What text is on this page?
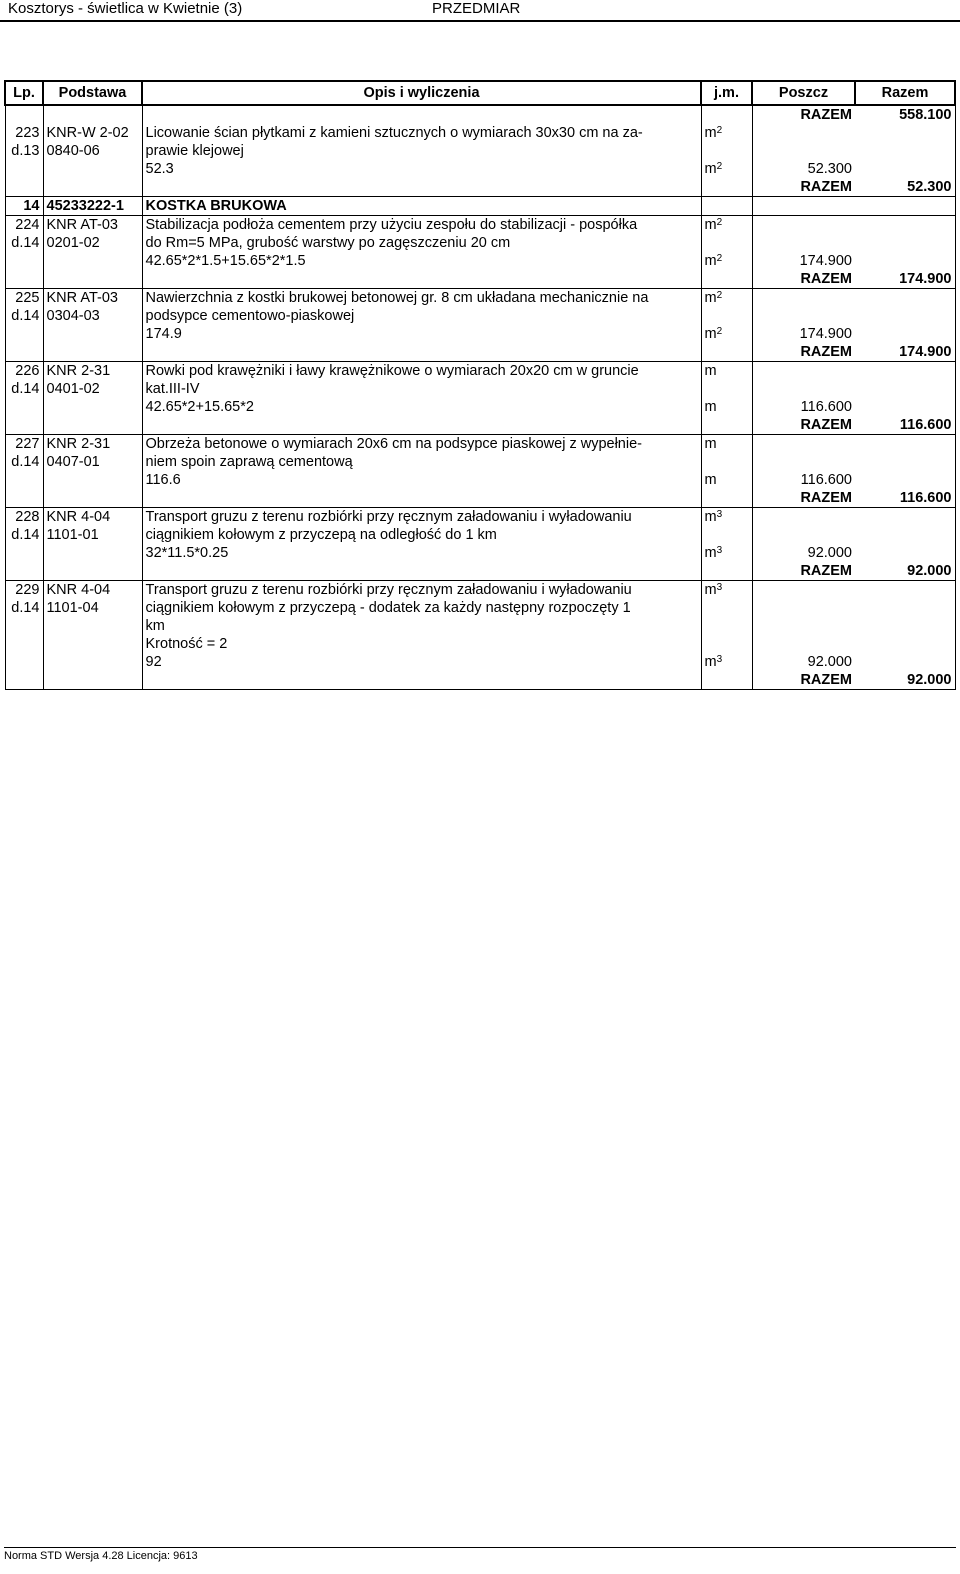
Kosztorys - świetlica w Kwietnie (3)	PRZEDMIAR
Lp.	Podstawa	Opis i wyliczenia	j.m.	Poszcz	Razem
				RAZEM	558.100
223	KNR-W 2-02	Licowanie ścian płytkami z kamieni sztucznych o wymiarach 30x30 cm na za-	$m^2$		
d.13	0840-06	prawie klejowej			
		52.3	$m^2$	52.300	
				RAZEM	52.300
14	45233222-1	KOSTKA BRUKOWA			
224	KNR AT-03	Stabilizacja podłoża cementem przy użyciu zespołu do stabilizacji - pospółka	$m^2$		
d.14	0201-02	do Rm=5 MPa, grubość warstwy po zagęszczeniu 20 cm			
		42.65*2*1.5+15.65*2*1.5	$m^2$	174.900	
				RAZEM	174.900
225	KNR AT-03	Nawierzchnia z kostki brukowej betonowej gr. 8 cm układana mechanicznie na	$m^2$		
d.14	0304-03	podsypce cementowo-piaskowej			
		174.9	$m^2$	174.900	
				RAZEM	174.900
226	KNR 2-31	Rowki pod krawężniki i ławy krawężnikowe o wymiarach 20x20 cm w gruncie	m		
d.14	0401-02	kat.III-IV			
		42.65*2+15.65*2	m	116.600	
				RAZEM	116.600
227	KNR 2-31	Obrzeża betonowe o wymiarach 20x6 cm na podsypce piaskowej z wypełnie-	m		
d.14	0407-01	niem spoin zaprawą cementową			
		116.6	m	116.600	
				RAZEM	116.600
228	KNR 4-04	Transport gruzu z terenu rozbiórki przy ręcznym załadowaniu i wyładowaniu	$m^3$		
d.14	1101-01	ciągnikiem kołowym z przyczepą na odległość do 1 km			
		32*11.5*0.25	$m^3$	92.000	
				RAZEM	92.000
229	KNR 4-04	Transport gruzu z terenu rozbiórki przy ręcznym załadowaniu i wyładowaniu	$m^3$		
d.14	1101-04	ciągnikiem kołowym z przyczepą - dodatek za każdy następny rozpoczęty 1			
		km			
		Krotność = 2			
		92	$m^3$	92.000	
				RAZEM	92.000
Norma STD Wersja 4.28 Licencja: 9613
